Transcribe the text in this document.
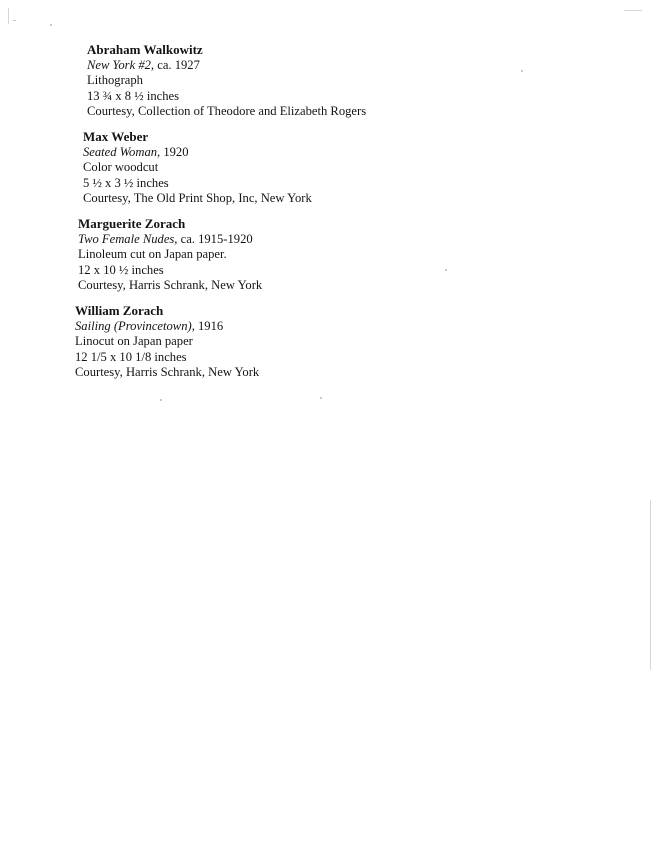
Abraham Walkowitz
New York #2, ca. 1927
Lithograph
13 ¾ x 8 ½ inches
Courtesy, Collection of Theodore and Elizabeth Rogers
Max Weber
Seated Woman, 1920
Color woodcut
5 ½ x 3 ½ inches
Courtesy, The Old Print Shop, Inc, New York
Marguerite Zorach
Two Female Nudes, ca. 1915-1920
Linoleum cut on Japan paper.
12 x 10 ½ inches
Courtesy, Harris Schrank, New York
William Zorach
Sailing (Provincetown), 1916
Linocut on Japan paper
12 1/5 x 10 1/8 inches
Courtesy, Harris Schrank, New York
